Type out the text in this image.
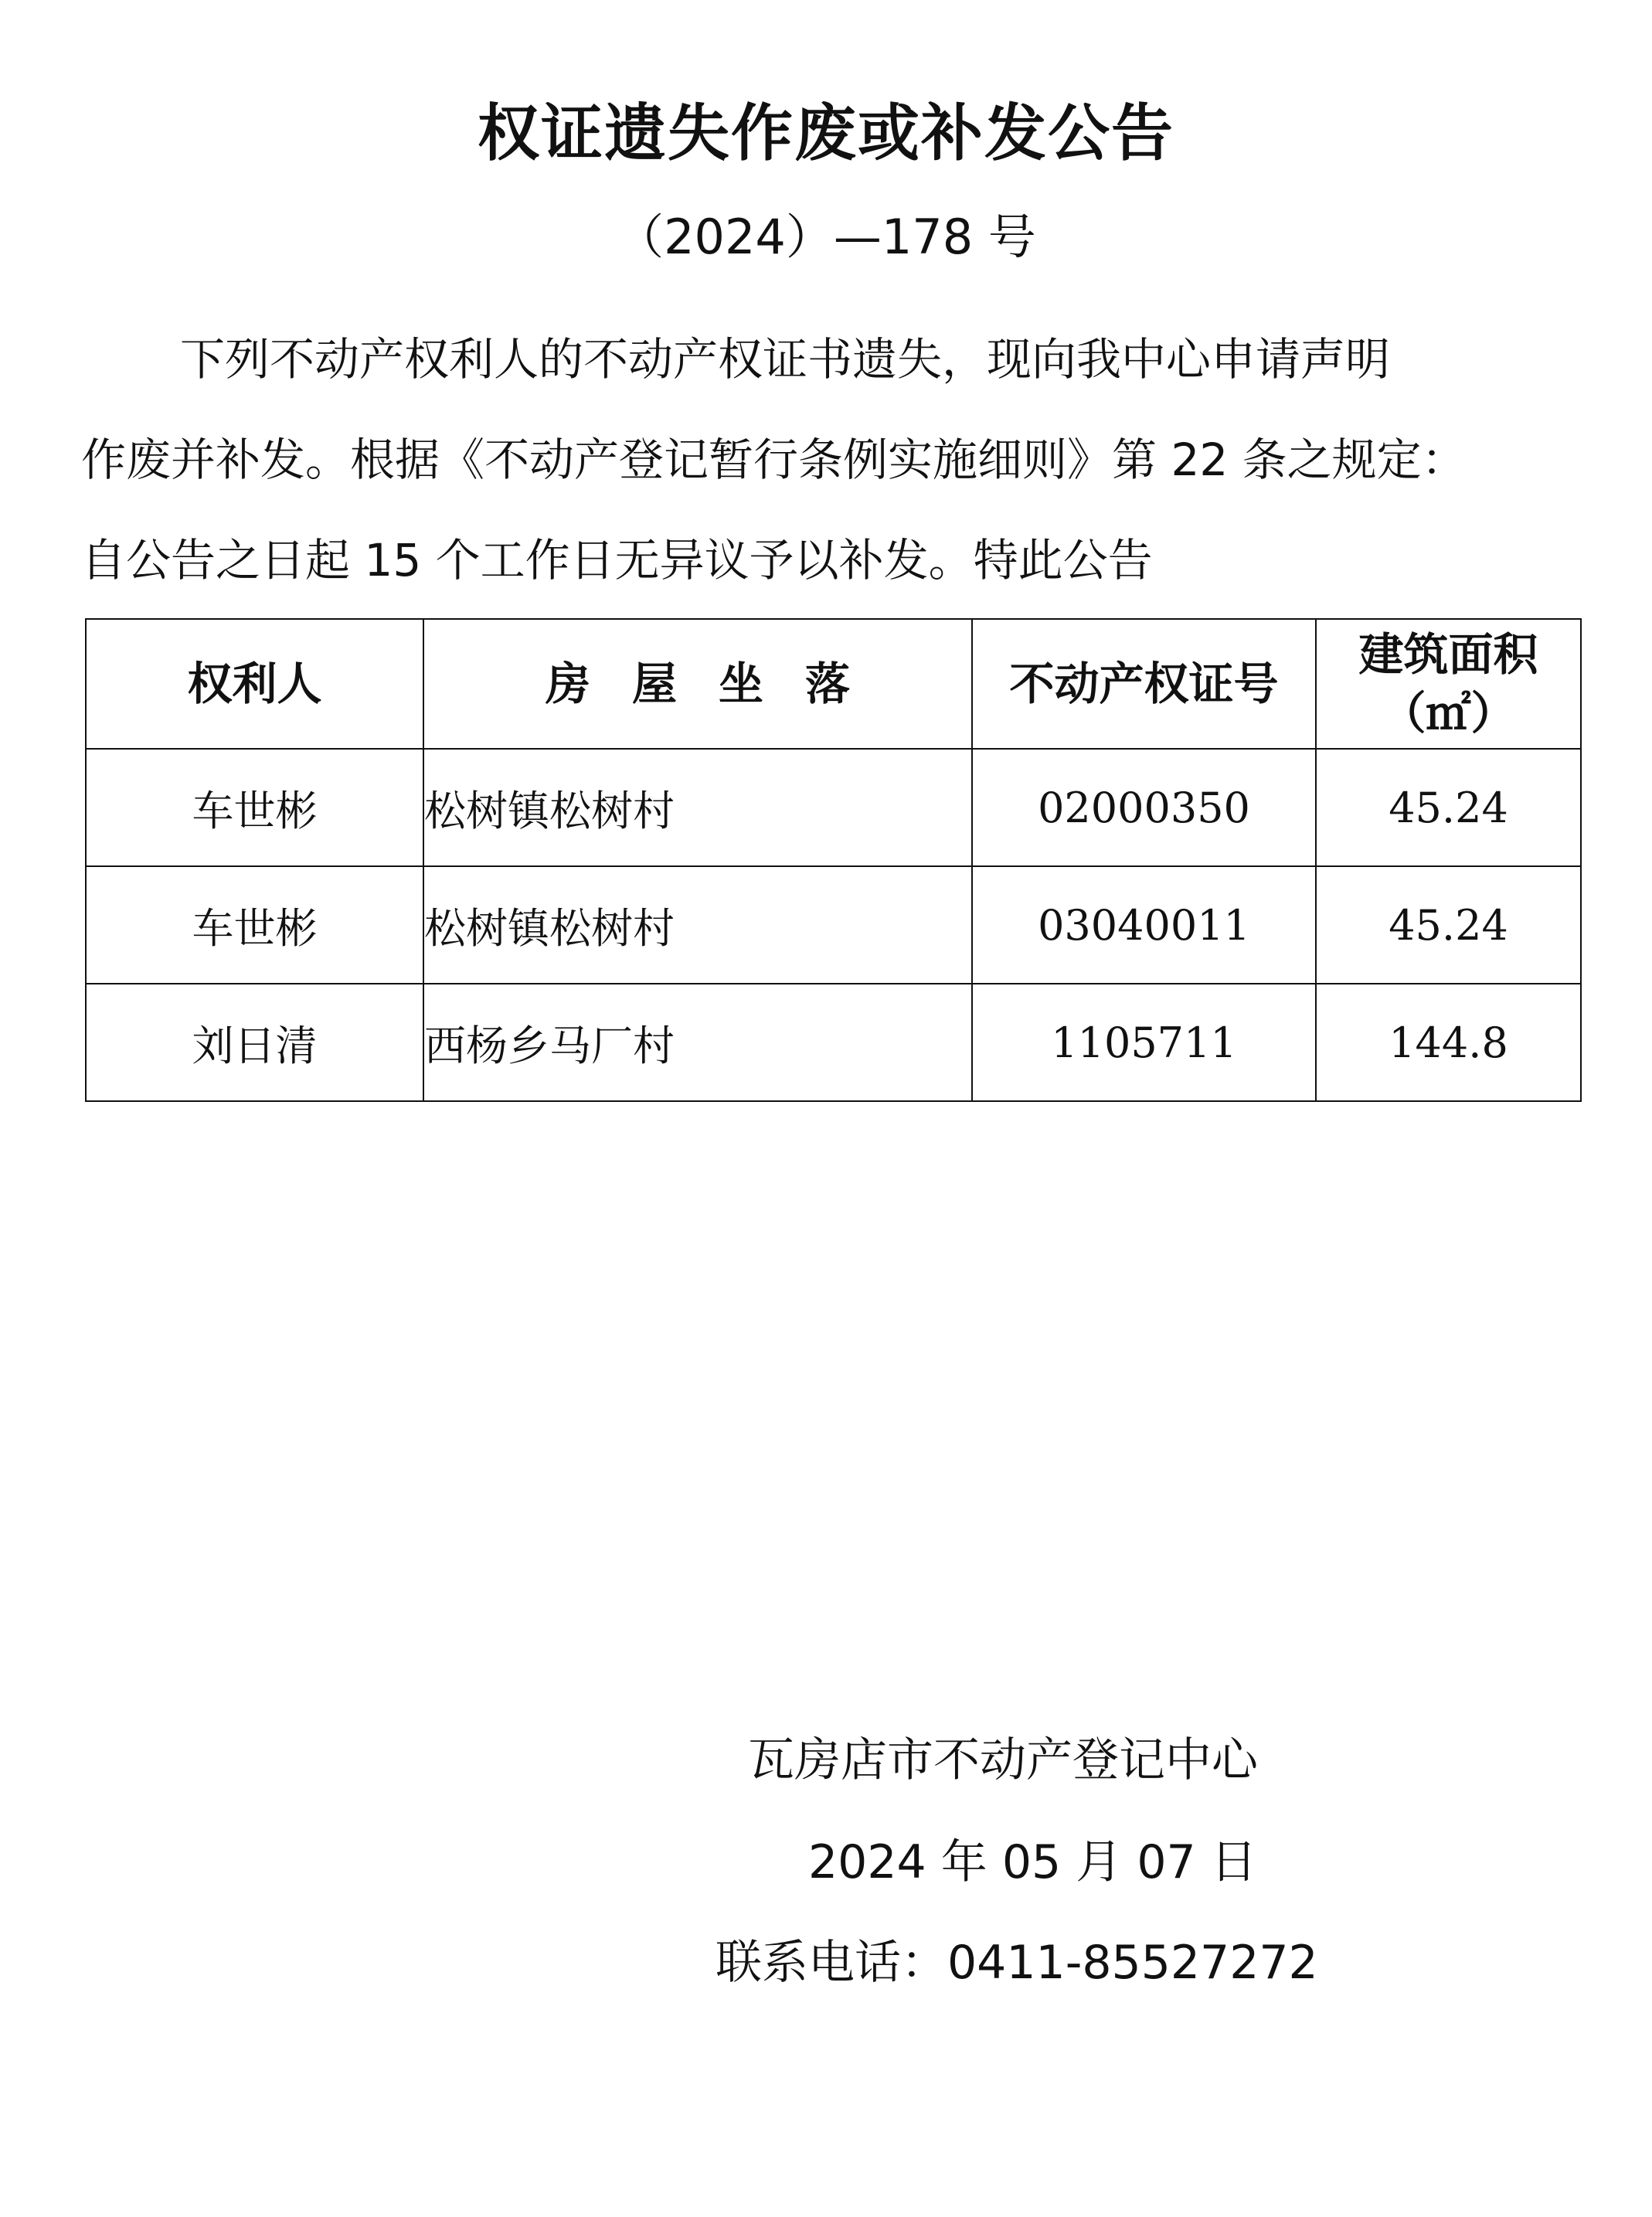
权证遗失作废或补发公告
（2024）—178 号
下列不动产权利人的不动产权证书遗失，现向我中心申请声明
作废并补发。根据《不动产登记暂行条例实施细则》第 22 条之规定：
自公告之日起 15 个工作日无异议予以补发。特此公告
权利人	房屋坐落	不动产权证号	建筑面积
（㎡）

车世彬	松树镇松树村	02000350	45.24
车世彬	松树镇松树村	03040011	45.24
刘日清	西杨乡马厂村	1105711	144.8
瓦房店市不动产登记中心
2024 年 05 月 07 日
联系电话：0411-85527272
